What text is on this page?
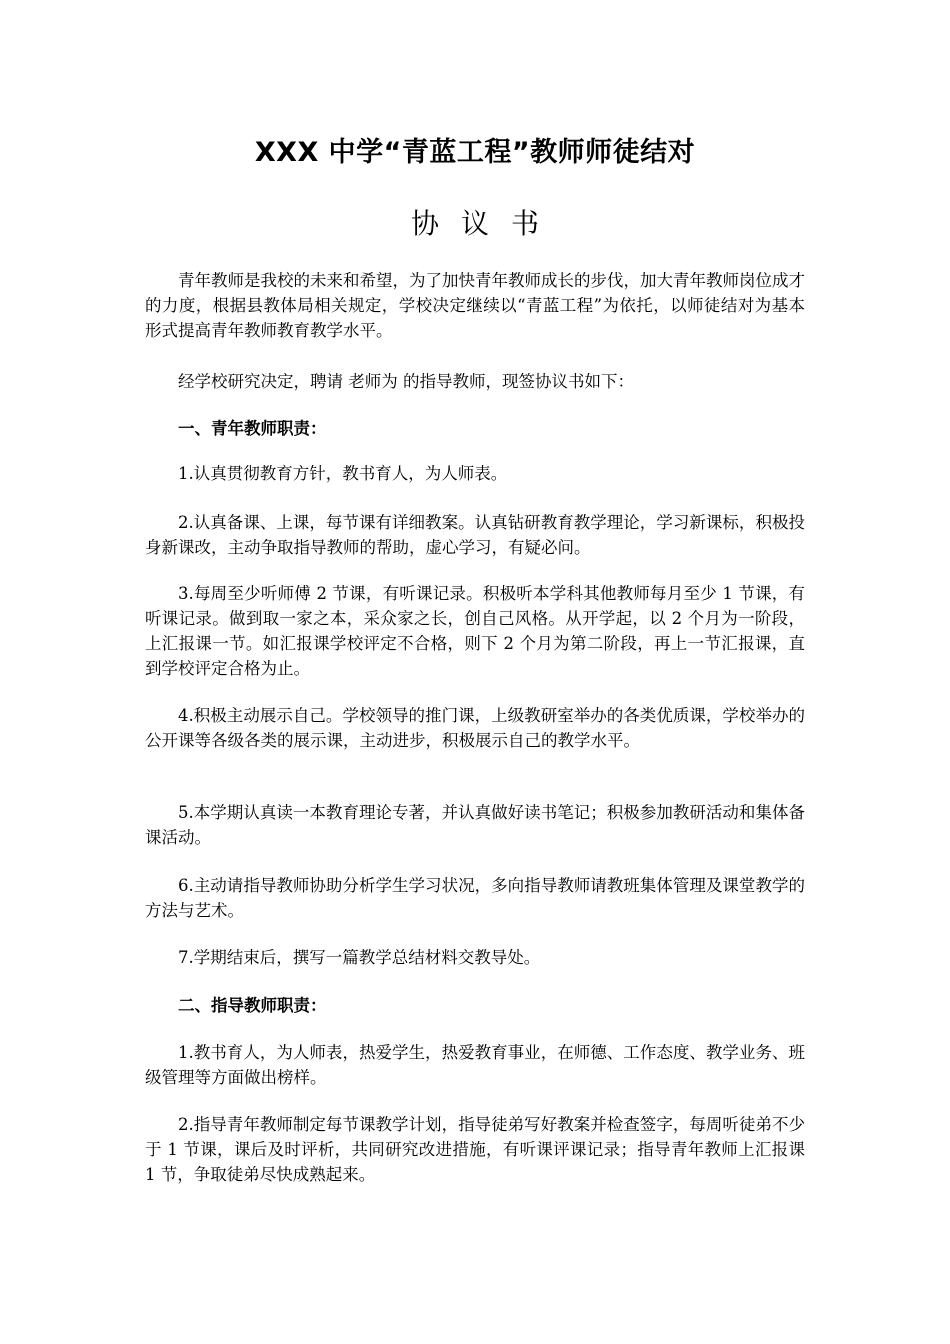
XXX 中学“青蓝工程”教师师徒结对
协议书

青年教师是我校的未来和希望，为了加快青年教师成长的步伐，加大青年教师岗位成才的力度，根据县教体局相关规定，学校决定继续以“青蓝工程”为依托，以师徒结对为基本形式提高青年教师教育教学水平。

经学校研究决定，聘请 老师为 的指导教师，现签协议书如下：

一、青年教师职责：

1.认真贯彻教育方针，教书育人，为人师表。

2.认真备课、上课，每节课有详细教案。认真钻研教育教学理论，学习新课标，积极投身新课改，主动争取指导教师的帮助，虚心学习，有疑必问。

3.每周至少听师傅 2 节课，有听课记录。积极听本学科其他教师每月至少 1 节课，有听课记录。做到取一家之本，采众家之长，创自己风格。从开学起，以 2 个月为一阶段，上汇报课一节。如汇报课学校评定不合格，则下 2 个月为第二阶段，再上一节汇报课，直到学校评定合格为止。

4.积极主动展示自己。学校领导的推门课，上级教研室举办的各类优质课，学校举办的公开课等各级各类的展示课，主动进步，积极展示自己的教学水平。

5.本学期认真读一本教育理论专著，并认真做好读书笔记；积极参加教研活动和集体备课活动。

6.主动请指导教师协助分析学生学习状况，多向指导教师请教班集体管理及课堂教学的方法与艺术。

7.学期结束后，撰写一篇教学总结材料交教导处。

二、指导教师职责：

1.教书育人，为人师表，热爱学生，热爱教育事业，在师德、工作态度、教学业务、班级管理等方面做出榜样。

2.指导青年教师制定每节课教学计划，指导徒弟写好教案并检查签字，每周听徒弟不少于 1 节课，课后及时评析，共同研究改进措施，有听课评课记录；指导青年教师上汇报课 1 节，争取徒弟尽快成熟起来。
